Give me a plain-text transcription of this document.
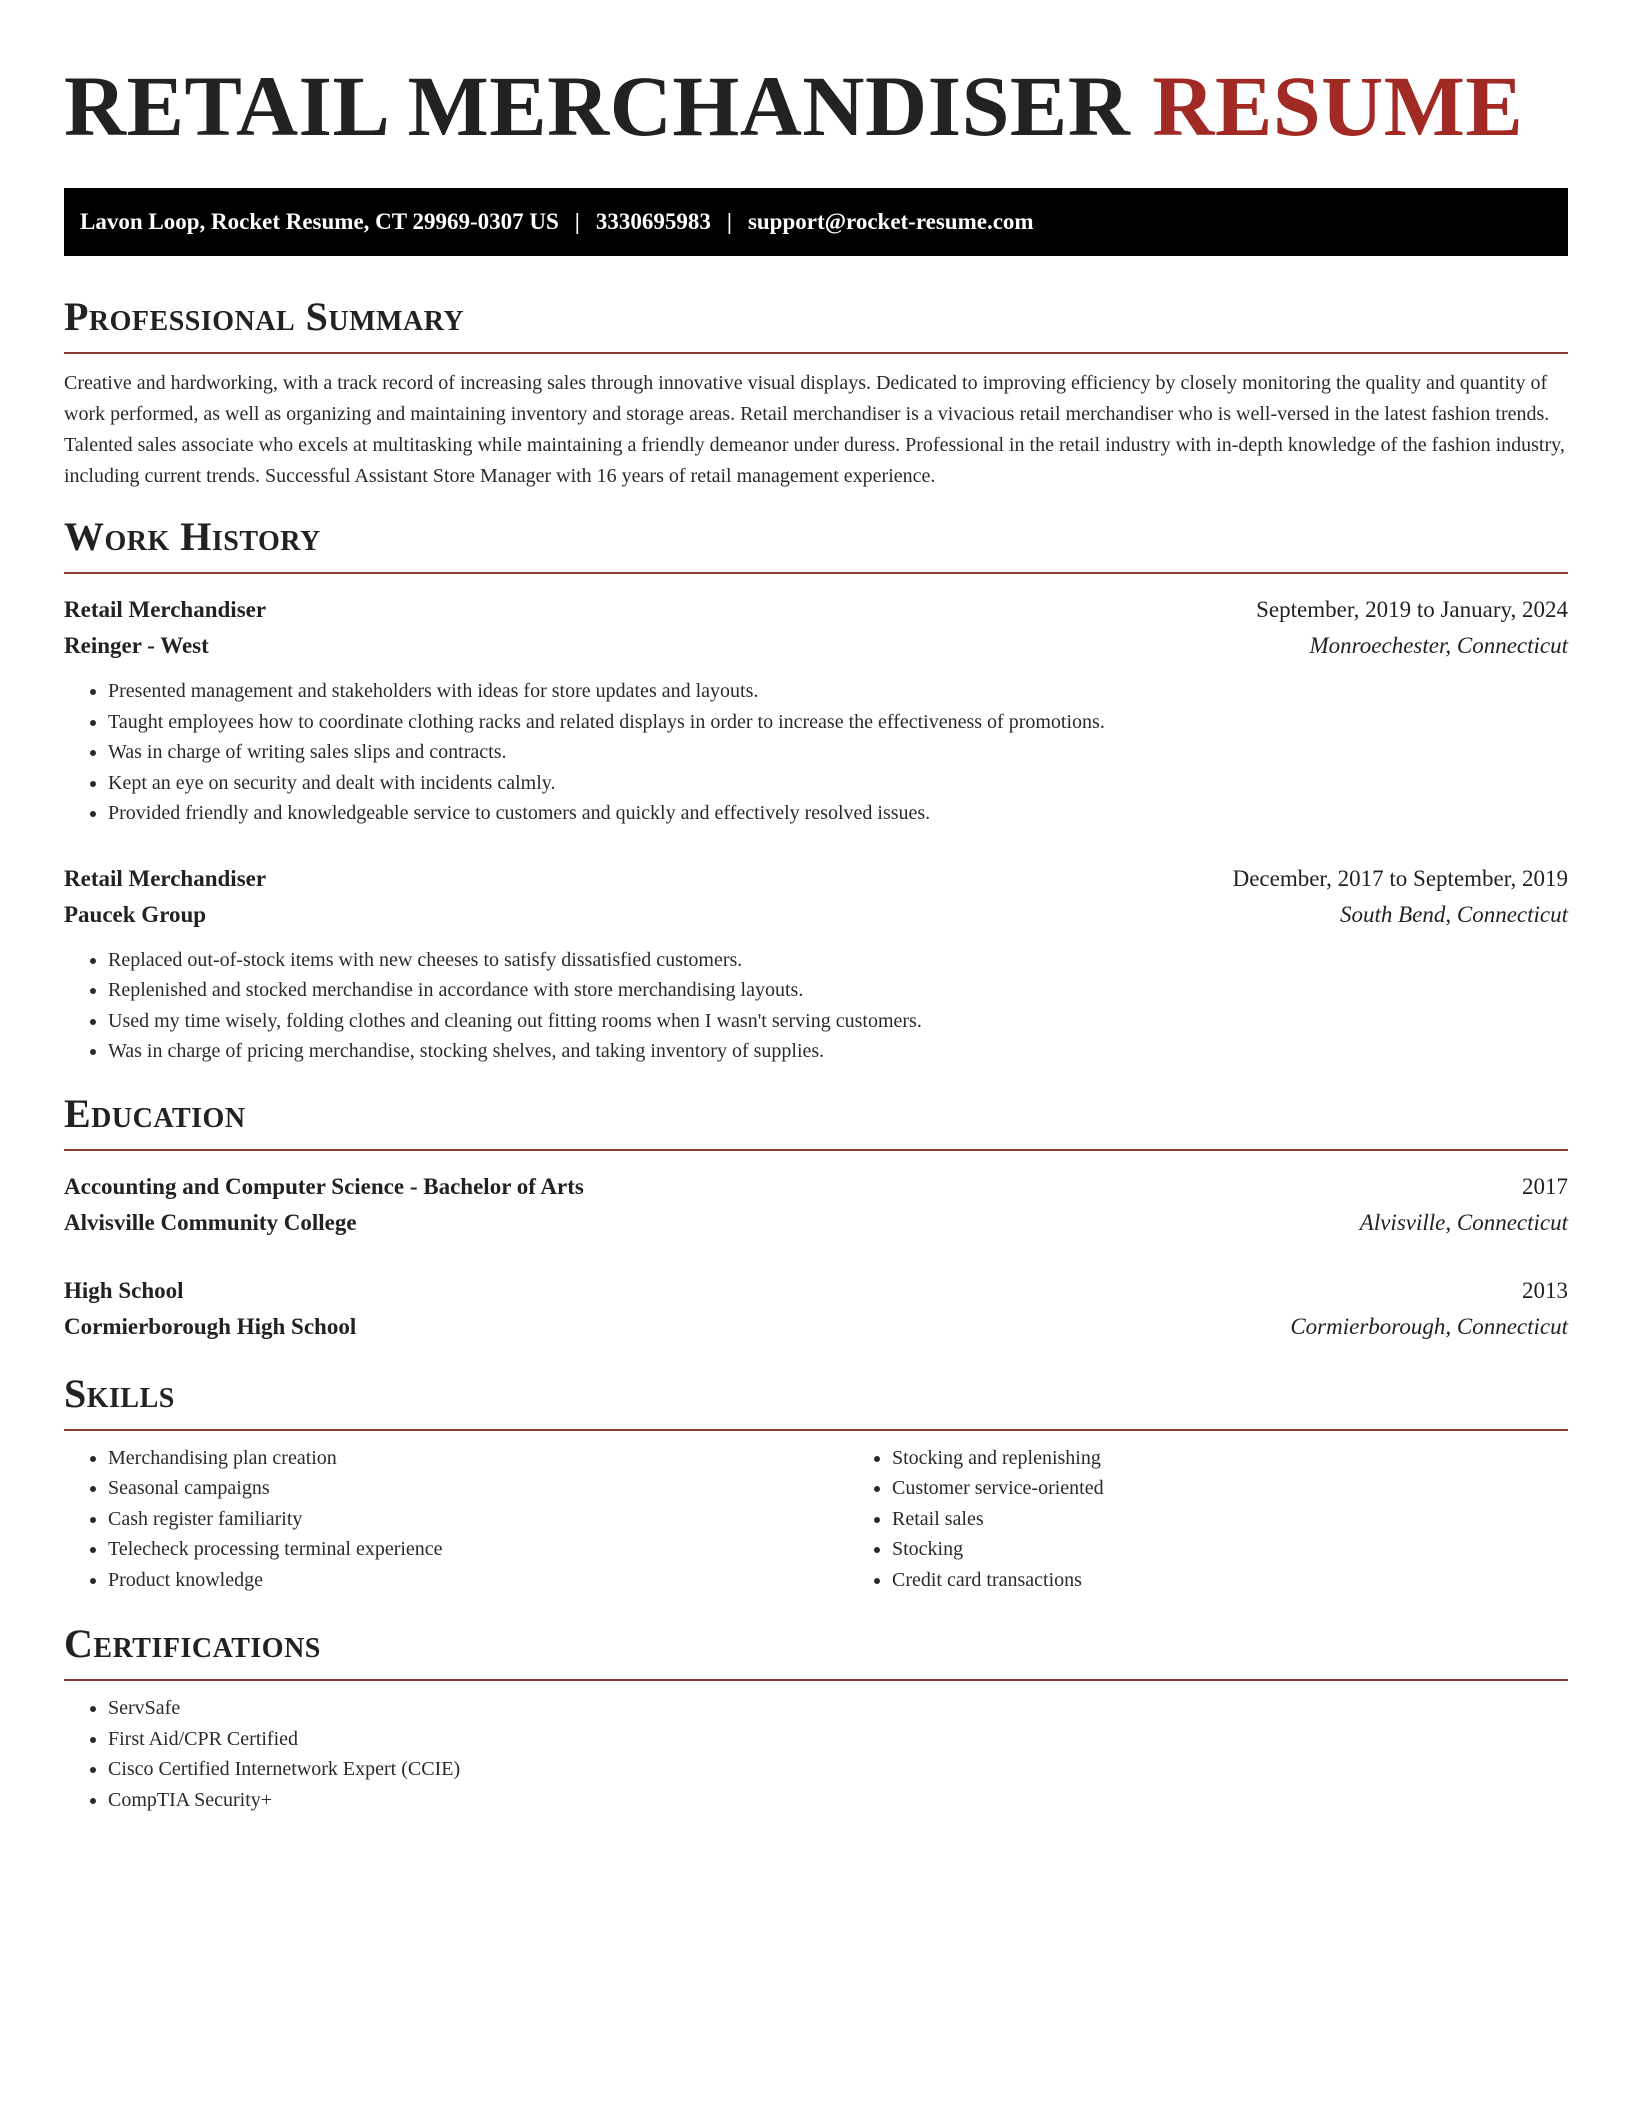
RETAIL MERCHANDISER RESUME
Lavon Loop, Rocket Resume, CT 29969-0307 US | 3330695983 | support@rocket-resume.com
Professional Summary
Creative and hardworking, with a track record of increasing sales through innovative visual displays. Dedicated to improving efficiency by closely monitoring the quality and quantity of work performed, as well as organizing and maintaining inventory and storage areas. Retail merchandiser is a vivacious retail merchandiser who is well-versed in the latest fashion trends. Talented sales associate who excels at multitasking while maintaining a friendly demeanor under duress. Professional in the retail industry with in-depth knowledge of the fashion industry, including current trends. Successful Assistant Store Manager with 16 years of retail management experience.
Work History
Retail Merchandiser	September, 2019 to January, 2024
Reinger - West	Monroechester, Connecticut
• Presented management and stakeholders with ideas for store updates and layouts.
• Taught employees how to coordinate clothing racks and related displays in order to increase the effectiveness of promotions.
• Was in charge of writing sales slips and contracts.
• Kept an eye on security and dealt with incidents calmly.
• Provided friendly and knowledgeable service to customers and quickly and effectively resolved issues.
Retail Merchandiser	December, 2017 to September, 2019
Paucek Group	South Bend, Connecticut
• Replaced out-of-stock items with new cheeses to satisfy dissatisfied customers.
• Replenished and stocked merchandise in accordance with store merchandising layouts.
• Used my time wisely, folding clothes and cleaning out fitting rooms when I wasn't serving customers.
• Was in charge of pricing merchandise, stocking shelves, and taking inventory of supplies.
Education
Accounting and Computer Science - Bachelor of Arts	2017
Alvisville Community College	Alvisville, Connecticut
High School	2013
Cormierborough High School	Cormierborough, Connecticut
Skills
• Merchandising plan creation
• Seasonal campaigns
• Cash register familiarity
• Telecheck processing terminal experience
• Product knowledge
• Stocking and replenishing
• Customer service-oriented
• Retail sales
• Stocking
• Credit card transactions
Certifications
• ServSafe
• First Aid/CPR Certified
• Cisco Certified Internetwork Expert (CCIE)
• CompTIA Security+
